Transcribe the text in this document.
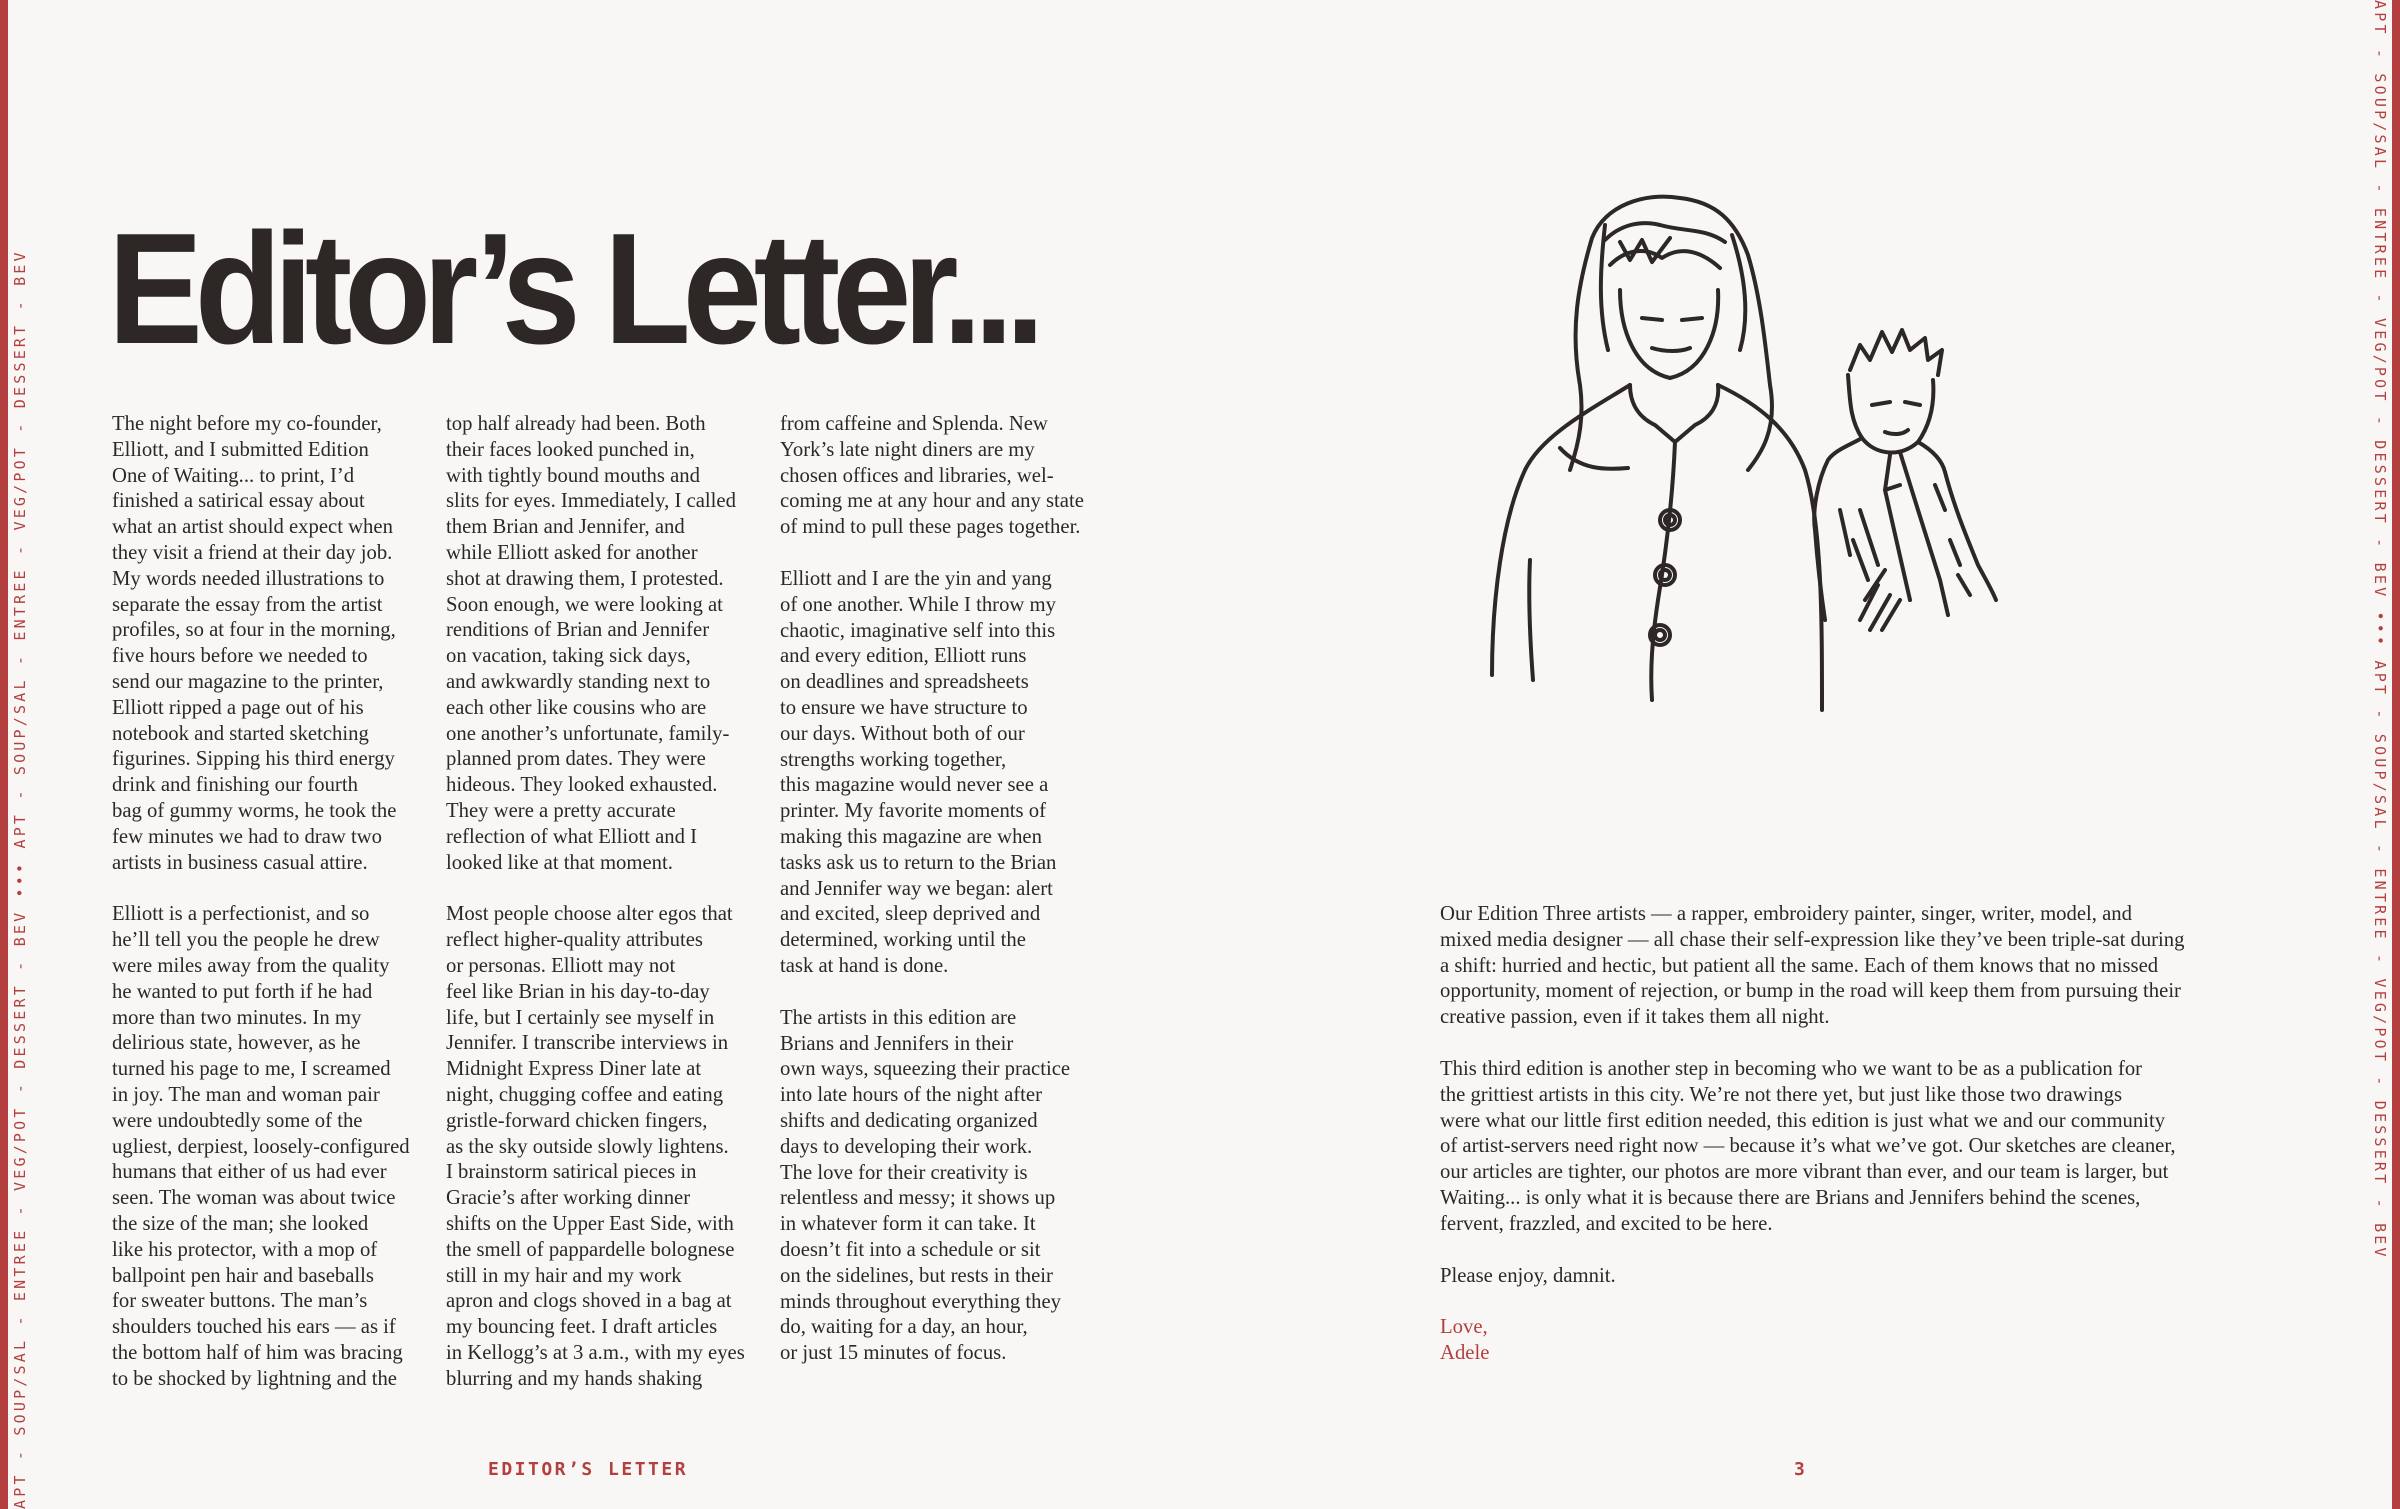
APT - SOUP/SAL - ENTREE - VEG/POT - DESSERT - BEV ••• APT - SOUP/SAL - ENTREE - VEG/POT - DESSERT - BEV	APT - SOUP/SAL - ENTREE - VEG/POT - DESSERT - BEV ••• APT - SOUP/SAL - ENTREE - VEG/POT - DESSERT - BEV
Editor’s Letter...

The night before my co-founder,
Elliott, and I submitted Edition
One of Waiting... to print, I’d
finished a satirical essay about
what an artist should expect when
they visit a friend at their day job.
My words needed illustrations to
separate the essay from the artist
profiles, so at four in the morning,
five hours before we needed to
send our magazine to the printer,
Elliott ripped a page out of his
notebook and started sketching
figurines. Sipping his third energy
drink and finishing our fourth
bag of gummy worms, he took the
few minutes we had to draw two
artists in business casual attire.

Elliott is a perfectionist, and so
he’ll tell you the people he drew
were miles away from the quality
he wanted to put forth if he had
more than two minutes. In my
delirious state, however, as he
turned his page to me, I screamed
in joy. The man and woman pair
were undoubtedly some of the
ugliest, derpiest, loosely-configured
humans that either of us had ever
seen. The woman was about twice
the size of the man; she looked
like his protector, with a mop of
ballpoint pen hair and baseballs
for sweater buttons. The man’s
shoulders touched his ears — as if
the bottom half of him was bracing
to be shocked by lightning and the

top half already had been. Both
their faces looked punched in,
with tightly bound mouths and
slits for eyes. Immediately, I called
them Brian and Jennifer, and
while Elliott asked for another
shot at drawing them, I protested.
Soon enough, we were looking at
renditions of Brian and Jennifer
on vacation, taking sick days,
and awkwardly standing next to
each other like cousins who are
one another’s unfortunate, family-
planned prom dates. They were
hideous. They looked exhausted.
They were a pretty accurate
reflection of what Elliott and I
looked like at that moment.

Most people choose alter egos that
reflect higher-quality attributes
or personas. Elliott may not
feel like Brian in his day-to-day
life, but I certainly see myself in
Jennifer. I transcribe interviews in
Midnight Express Diner late at
night, chugging coffee and eating
gristle-forward chicken fingers,
as the sky outside slowly lightens.
I brainstorm satirical pieces in
Gracie’s after working dinner
shifts on the Upper East Side, with
the smell of pappardelle bolognese
still in my hair and my work
apron and clogs shoved in a bag at
my bouncing feet. I draft articles
in Kellogg’s at 3 a.m., with my eyes
blurring and my hands shaking

from caffeine and Splenda. New
York’s late night diners are my
chosen offices and libraries, wel-
coming me at any hour and any state
of mind to pull these pages together.

Elliott and I are the yin and yang
of one another. While I throw my
chaotic, imaginative self into this
and every edition, Elliott runs
on deadlines and spreadsheets
to ensure we have structure to
our days. Without both of our
strengths working together,
this magazine would never see a
printer. My favorite moments of
making this magazine are when
tasks ask us to return to the Brian
and Jennifer way we began: alert
and excited, sleep deprived and
determined, working until the
task at hand is done.

The artists in this edition are
Brians and Jennifers in their
own ways, squeezing their practice
into late hours of the night after
shifts and dedicating organized
days to developing their work.
The love for their creativity is
relentless and messy; it shows up
in whatever form it can take. It
doesn’t fit into a schedule or sit
on the sidelines, but rests in their
minds throughout everything they
do, waiting for a day, an hour,
or just 15 minutes of focus.

Our Edition Three artists — a rapper, embroidery painter, singer, writer, model, and
mixed media designer — all chase their self-expression like they’ve been triple-sat during
a shift: hurried and hectic, but patient all the same. Each of them knows that no missed
opportunity, moment of rejection, or bump in the road will keep them from pursuing their
creative passion, even if it takes them all night.

This third edition is another step in becoming who we want to be as a publication for
the grittiest artists in this city. We’re not there yet, but just like those two drawings
were what our little first edition needed, this edition is just what we and our community
of artist-servers need right now — because it’s what we’ve got. Our sketches are cleaner,
our articles are tighter, our photos are more vibrant than ever, and our team is larger, but
Waiting... is only what it is because there are Brians and Jennifers behind the scenes,
fervent, frazzled, and excited to be here.

Please enjoy, damnit.

Love,
Adele

EDITOR’S LETTER	3
